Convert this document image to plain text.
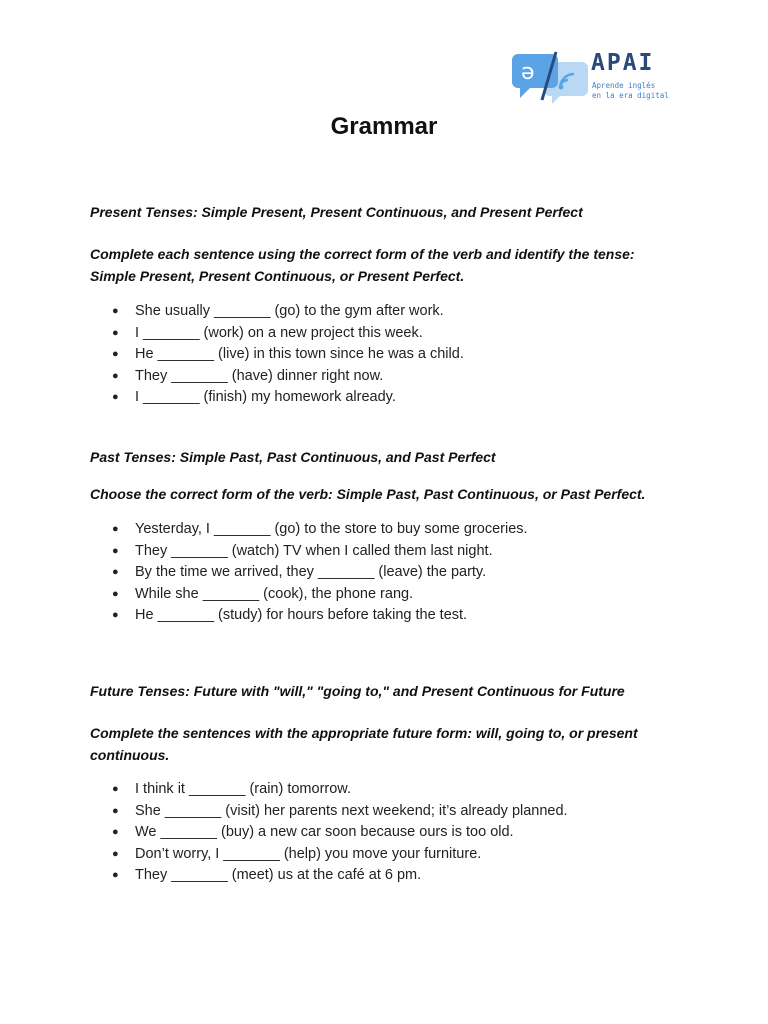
ə APAI
Aprende inglés
en la era digital
Grammar

Present Tenses: Simple Present, Present Continuous, and Present Perfect

Complete each sentence using the correct form of the verb and identify the tense: Simple Present, Present Continuous, or Present Perfect.

● She usually _______ (go) to the gym after work.
● I _______ (work) on a new project this week.
● He _______ (live) in this town since he was a child.
● They _______ (have) dinner right now.
● I _______ (finish) my homework already.

Past Tenses: Simple Past, Past Continuous, and Past Perfect

Choose the correct form of the verb: Simple Past, Past Continuous, or Past Perfect.

● Yesterday, I _______ (go) to the store to buy some groceries.
● They _______ (watch) TV when I called them last night.
● By the time we arrived, they _______ (leave) the party.
● While she _______ (cook), the phone rang.
● He _______ (study) for hours before taking the test.

Future Tenses: Future with "will," "going to," and Present Continuous for Future

Complete the sentences with the appropriate future form: will, going to, or present continuous.

● I think it _______ (rain) tomorrow.
● She _______ (visit) her parents next weekend; it’s already planned.
● We _______ (buy) a new car soon because ours is too old.
● Don’t worry, I _______ (help) you move your furniture.
● They _______ (meet) us at the café at 6 pm.
